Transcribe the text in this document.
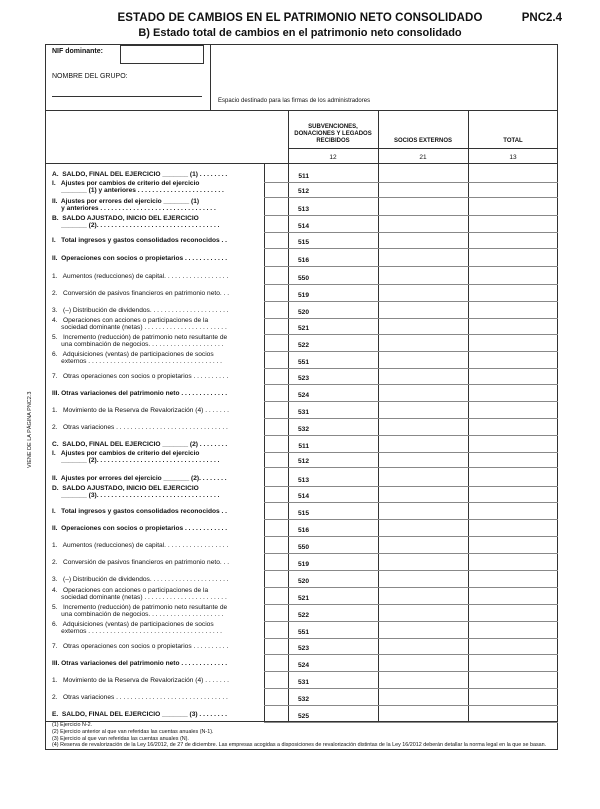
ESTADO DE CAMBIOS EN EL PATRIMONIO NETO CONSOLIDADO	PNC2.4
B) Estado total de cambios en el patrimonio neto consolidado
NIF dominante:
NOMBRE DEL GRUPO:
Espacio destinado para las firmas de los administradores
SUBVENCIONES, DONACIONES Y LEGADOS RECIBIDOS	SOCIOS EXTERNOS	TOTAL
12	21	13
VIENE DE LA PÁGINA PNC2.3
A.  SALDO, FINAL DEL EJERCICIO _______ (1) . . . . . . . .	511
I.   Ajustes por cambios de criterio del ejercicio
_______ (1) y anteriores . . . . . . . . . . . . . . . . . . . . . . . .	512
II.  Ajustes por errores del ejercicio _______ (1)
y anteriores . . . . . . . . . . . . . . . . . . . . . . . . . . . . . . . .	513
B.  SALDO AJUSTADO, INICIO DEL EJERCICIO
_______ (2). . . . . . . . . . . . . . . . . . . . . . . . . . . . . . . . . .	514
I.   Total ingresos y gastos consolidados reconocidos . .	515
II.  Operaciones con socios o propietarios . . . . . . . . . . . .	516
1.   Aumentos (reducciones) de capital. . . . . . . . . . . . . . . . . .	550
2.   Conversión de pasivos financieros en patrimonio neto. . .	519
3.   (–) Distribución de dividendos. . . . . . . . . . . . . . . . . . . . . .	520
4.   Operaciones con acciones o participaciones de la
sociedad dominante (netas) . . . . . . . . . . . . . . . . . . . . . . .	521
5.   Incremento (reducción) de patrimonio neto resultante de
una combinación de negocios. . . . . . . . . . . . . . . . . . . . .	522
6.   Adquisiciones (ventas) de participaciones de socios
externos . . . . . . . . . . . . . . . . . . . . . . . . . . . . . . . . . . . . .	551
7.   Otras operaciones con socios o propietarios . . . . . . . . . .	523
III. Otras variaciones del patrimonio neto . . . . . . . . . . . . .	524
1.   Movimiento de la Reserva de Revalorización (4) . . . . . . .	531
2.   Otras variaciones . . . . . . . . . . . . . . . . . . . . . . . . . . . . . . .	532
C.  SALDO, FINAL DEL EJERCICIO _______ (2) . . . . . . . .	511
I.   Ajustes por cambios de criterio del ejercicio
_______ (2). . . . . . . . . . . . . . . . . . . . . . . . . . . . . . . . . .	512
II.  Ajustes por errores del ejercicio _______ (2). . . . . . . .	513
D.  SALDO AJUSTADO, INICIO DEL EJERCICIO
_______ (3). . . . . . . . . . . . . . . . . . . . . . . . . . . . . . . . . .	514
I.   Total ingresos y gastos consolidados reconocidos . .	515
II.  Operaciones con socios o propietarios . . . . . . . . . . . .	516
1.   Aumentos (reducciones) de capital. . . . . . . . . . . . . . . . . .	550
2.   Conversión de pasivos financieros en patrimonio neto. . .	519
3.   (–) Distribución de dividendos. . . . . . . . . . . . . . . . . . . . . .	520
4.   Operaciones con acciones o participaciones de la
sociedad dominante (netas) . . . . . . . . . . . . . . . . . . . . . . .	521
5.   Incremento (reducción) de patrimonio neto resultante de
una combinación de negocios. . . . . . . . . . . . . . . . . . . . .	522
6.   Adquisiciones (ventas) de participaciones de socios
externos . . . . . . . . . . . . . . . . . . . . . . . . . . . . . . . . . . . . .	551
7.   Otras operaciones con socios o propietarios . . . . . . . . . .	523
III. Otras variaciones del patrimonio neto . . . . . . . . . . . . .	524
1.   Movimiento de la Reserva de Revalorización (4) . . . . . . .	531
2.   Otras variaciones . . . . . . . . . . . . . . . . . . . . . . . . . . . . . . .	532
E.  SALDO, FINAL DEL EJERCICIO _______ (3) . . . . . . . .	525
(1) Ejercicio N-2.
(2) Ejercicio anterior al que van referidas las cuentas anuales (N-1).
(3) Ejercicio al que van referidas las cuentas anuales (N).
(4) Reserva de revalorización de la Ley 16/2012, de 27 de diciembre. Las empresas acogidas a disposiciones de revalorización distintas de la Ley 16/2012 deberán detallar la norma legal en la que se basan.
